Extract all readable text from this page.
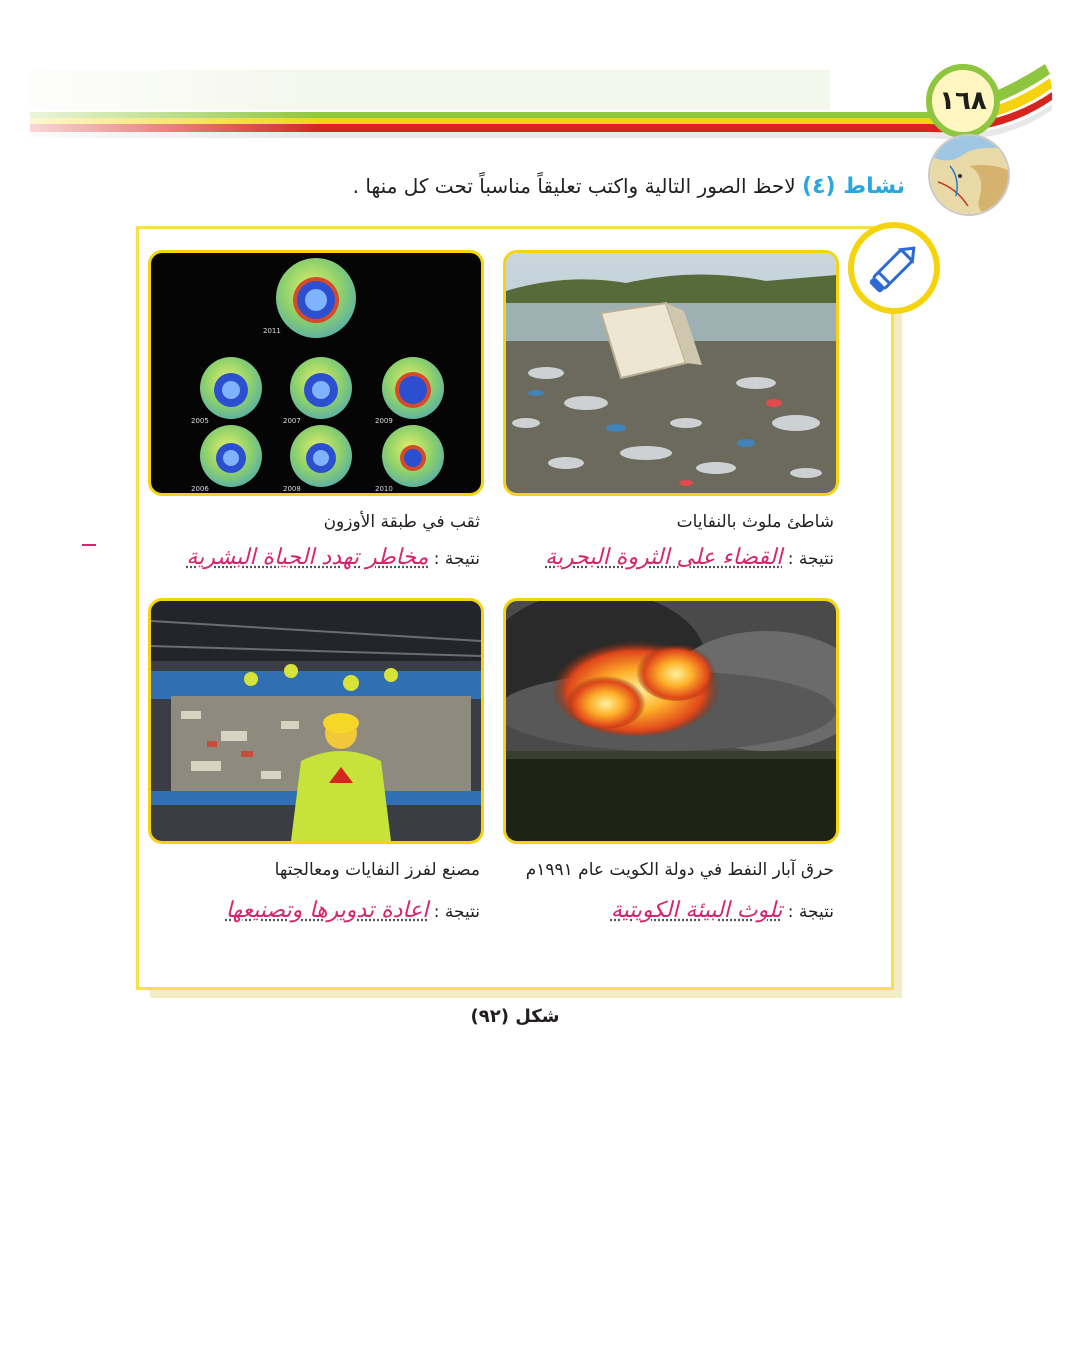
١٦٨
نشاط (٤) لاحظ الصور التالية واكتب تعليقاً مناسباً تحت كل منها .
2011
2005	2007	2009
2006	2008	2010
شاطئ ملوث بالنفايات
ثقب في طبقة الأوزون
نتيجة : القضاء على الثروة البحرية
نتيجة : مخاطر تهدد الحياة البشرية
حرق آبار النفط في دولة الكويت عام ١٩٩١م
مصنع لفرز النفايات ومعالجتها
نتيجة : تلوث البيئة الكويتية
نتيجة : اعادة تدويرها وتصنيعها
شكل (٩٢)
